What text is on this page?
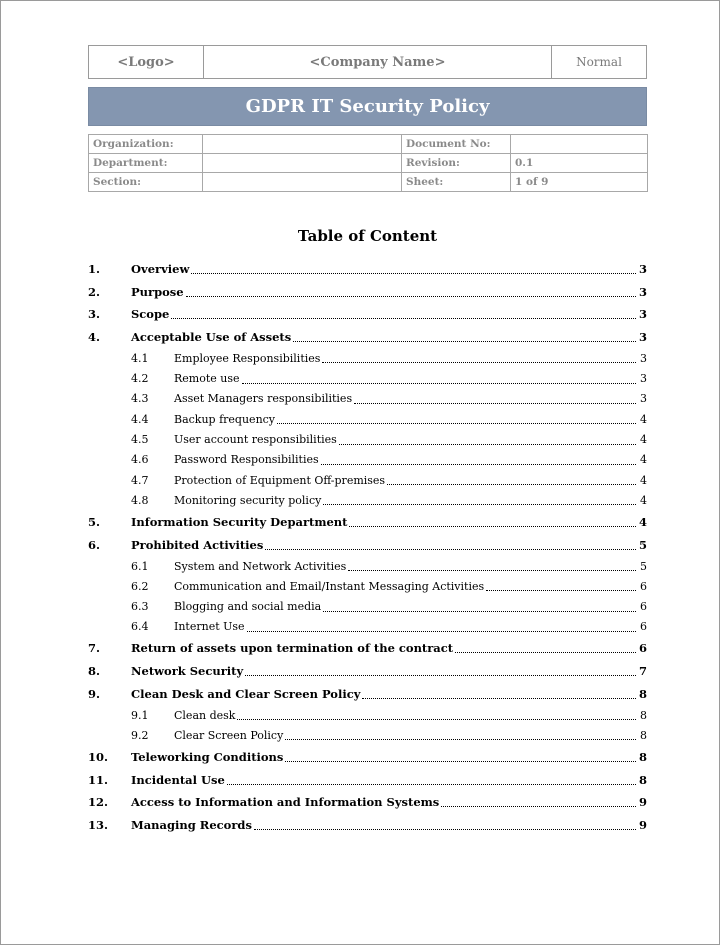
<Logo>	<Company Name>	Normal
GDPR IT Security Policy
Organization:		Document No:	
Department:		Revision:	0.1
Section:		Sheet:	1 of 9
Table of Content
1.	Overview	3
2.	Purpose	3
3.	Scope	3
4.	Acceptable Use of Assets	3
4.1	Employee Responsibilities	3
4.2	Remote use	3
4.3	Asset Managers responsibilities	3
4.4	Backup frequency	4
4.5	User account responsibilities	4
4.6	Password Responsibilities	4
4.7	Protection of Equipment Off-premises	4
4.8	Monitoring security policy	4
5.	Information Security Department	4
6.	Prohibited Activities	5
6.1	System and Network Activities	5
6.2	Communication and Email/Instant Messaging Activities	6
6.3	Blogging and social media	6
6.4	Internet Use	6
7.	Return of assets upon termination of the contract	6
8.	Network Security	7
9.	Clean Desk and Clear Screen Policy	8
9.1	Clean desk	8
9.2	Clear Screen Policy	8
10.	Teleworking Conditions	8
11.	Incidental Use	8
12.	Access to Information and Information Systems	9
13.	Managing Records	9
